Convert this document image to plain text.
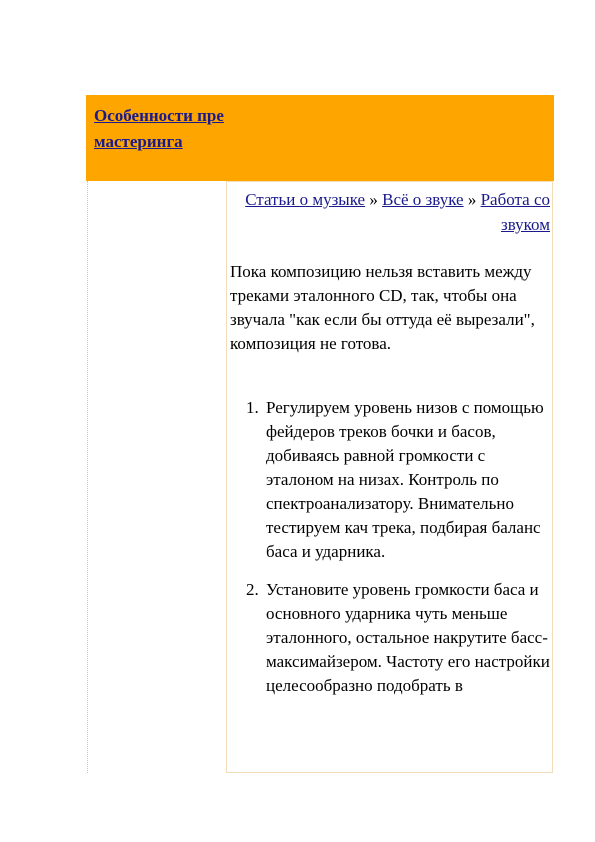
Особенности премастеринга
Статьи о музыке » Всё о звуке » Работа со звуком

Пока композицию нельзя вставить между треками эталонного CD, так, чтобы она звучала "как если бы оттуда её вырезали", композиция не готова.

1. Регулируем уровень низов с помощью фейдеров треков бочки и басов, добиваясь равной громкости с эталоном на низах. Контроль по спектроанализатору. Внимательно тестируем кач трека, подбирая баланс баса и ударника.
2. Установите уровень громкости баса и основного ударника чуть меньше эталонного, остальное накрутите басс-максимайзером. Частоту его настройки целесообразно подобрать в
